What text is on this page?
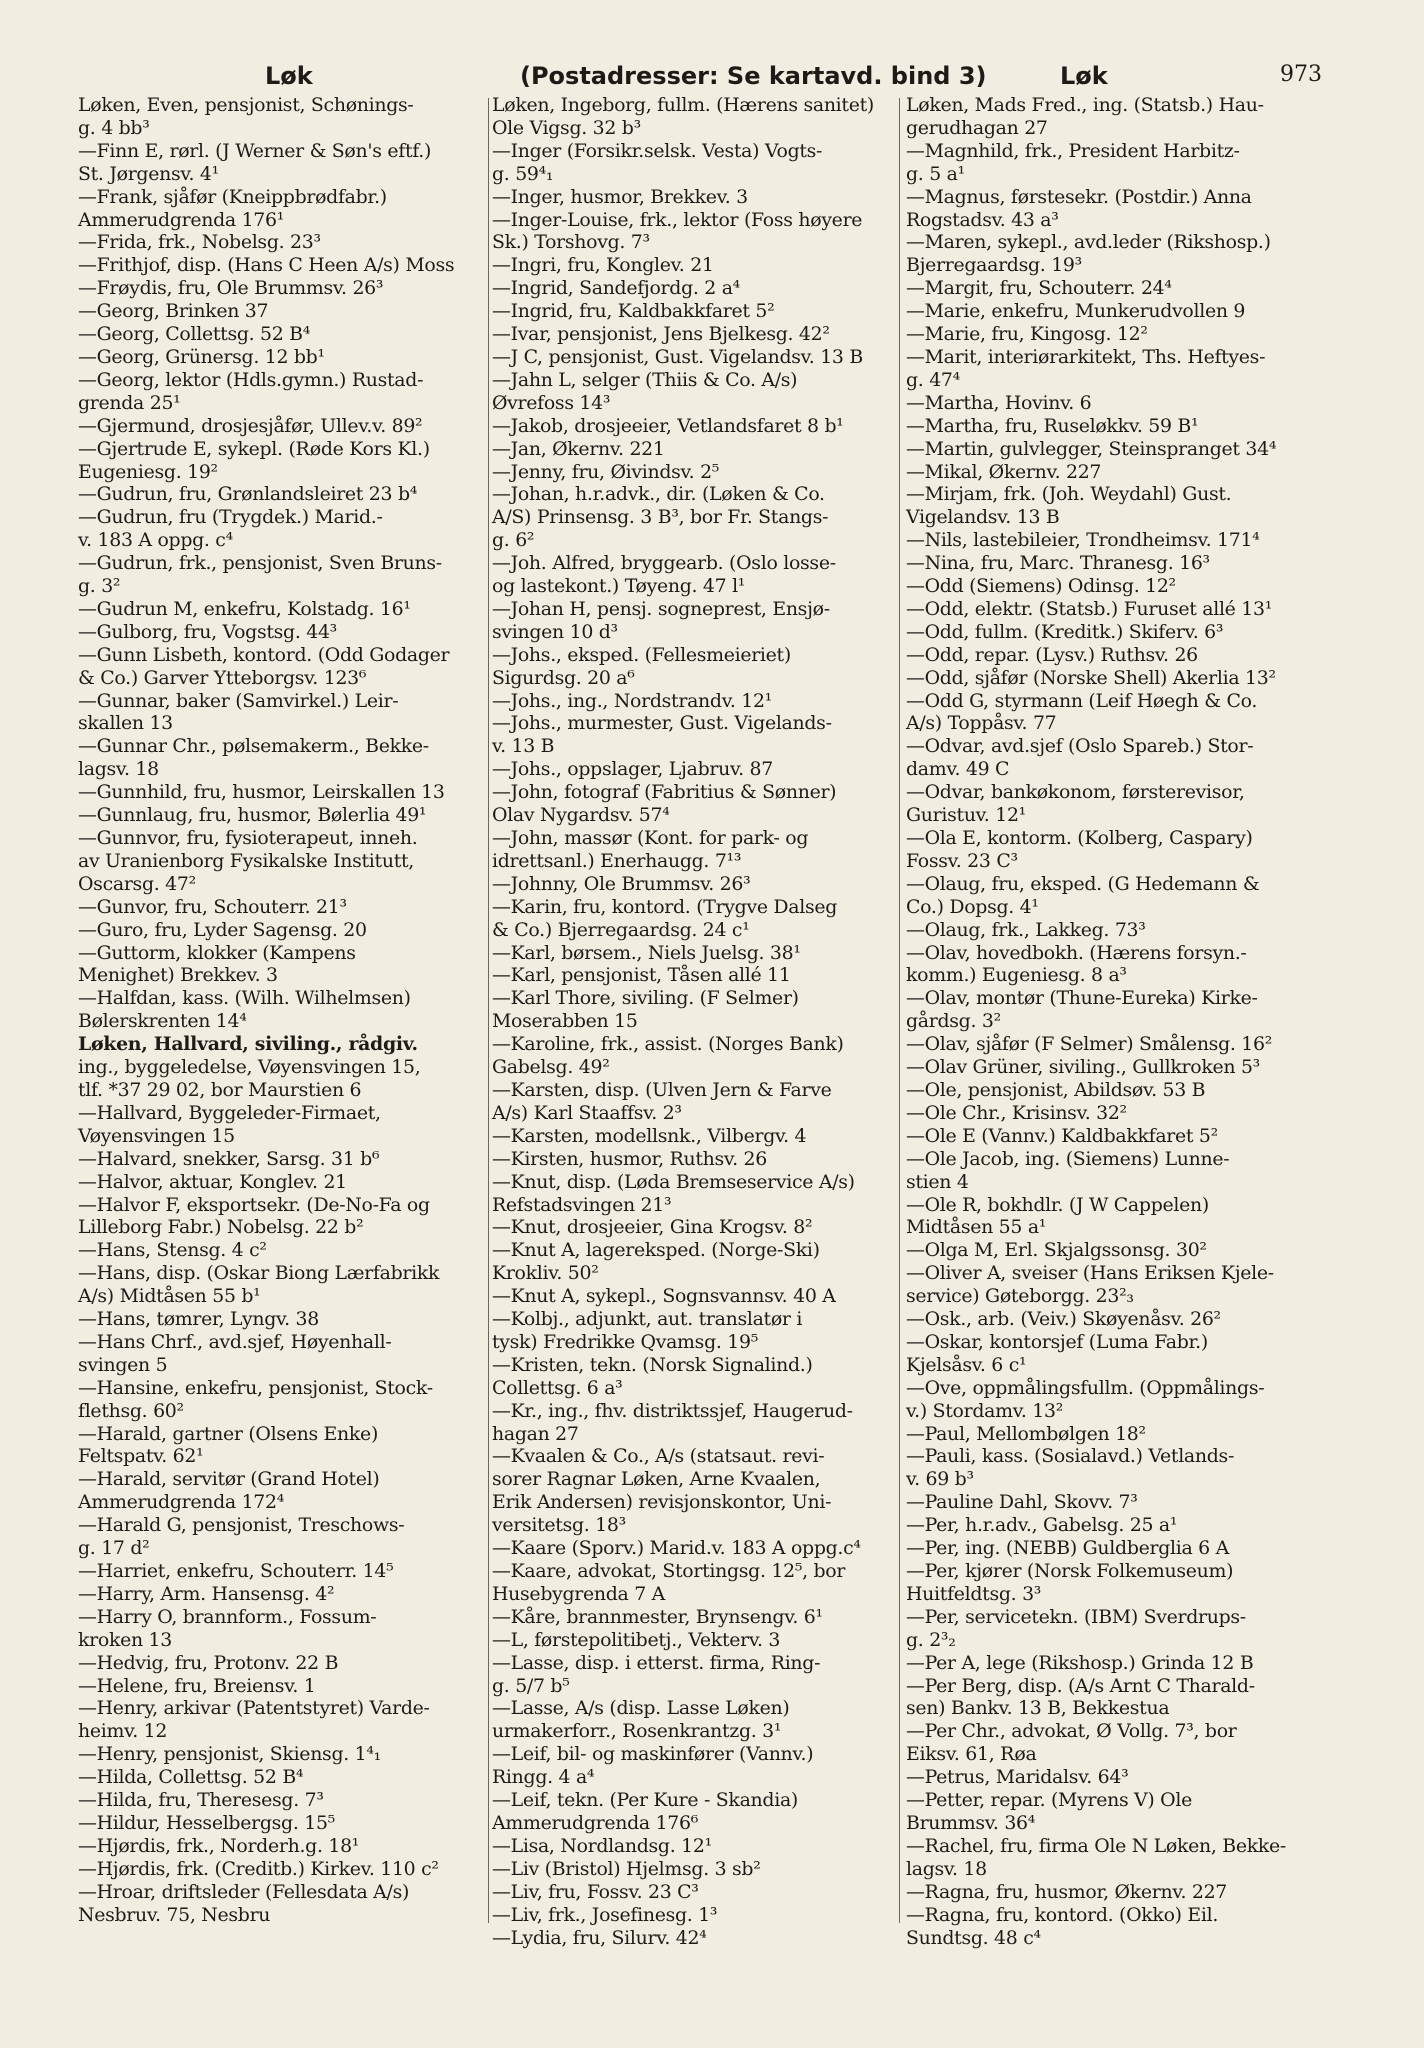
Løk	(Postadresser: Se kartavd. bind 3)	Løk	973
Løken, Even, pensjonist, Schønings-
g. 4 bb³
—Finn E, rørl. (J Werner & Søn's eftf.)
St. Jørgensv. 4¹
—Frank, sjåfør (Kneippbrødfabr.)
Ammerudgrenda 176¹
—Frida, frk., Nobelsg. 23³
—Frithjof, disp. (Hans C Heen A/s) Moss
—Frøydis, fru, Ole Brummsv. 26³
—Georg, Brinken 37
—Georg, Collettsg. 52 B⁴
—Georg, Grünersg. 12 bb¹
—Georg, lektor (Hdls.gymn.) Rustad-
grenda 25¹
—Gjermund, drosjesjåfør, Ullev.v. 89²
—Gjertrude E, sykepl. (Røde Kors Kl.)
Eugeniesg. 19²
—Gudrun, fru, Grønlandsleiret 23 b⁴
—Gudrun, fru (Trygdek.) Marid.-
v. 183 A oppg. c⁴
—Gudrun, frk., pensjonist, Sven Bruns-
g. 3²
—Gudrun M, enkefru, Kolstadg. 16¹
—Gulborg, fru, Vogstsg. 44³
—Gunn Lisbeth, kontord. (Odd Godager
& Co.) Garver Ytteborgsv. 123⁶
—Gunnar, baker (Samvirkel.) Leir-
skallen 13
—Gunnar Chr., pølsemakerm., Bekke-
lagsv. 18
—Gunnhild, fru, husmor, Leirskallen 13
—Gunnlaug, fru, husmor, Bølerlia 49¹
—Gunnvor, fru, fysioterapeut, inneh.
av Uranienborg Fysikalske Institutt,
Oscarsg. 47²
—Gunvor, fru, Schouterr. 21³
—Guro, fru, Lyder Sagensg. 20
—Guttorm, klokker (Kampens
Menighet) Brekkev. 3
—Halfdan, kass. (Wilh. Wilhelmsen)
Bølerskrenten 14⁴
Løken, Hallvard, siviling., rådgiv.
ing., byggeledelse, Vøyensvingen 15,
tlf. *37 29 02, bor Maurstien 6
—Hallvard, Byggeleder-Firmaet,
Vøyensvingen 15
—Halvard, snekker, Sarsg. 31 b⁶
—Halvor, aktuar, Konglev. 21
—Halvor F, eksportsekr. (De-No-Fa og
Lilleborg Fabr.) Nobelsg. 22 b²
—Hans, Stensg. 4 c²
—Hans, disp. (Oskar Biong Lærfabrikk
A/s) Midtåsen 55 b¹
—Hans, tømrer, Lyngv. 38
—Hans Chrf., avd.sjef, Høyenhall-
svingen 5
—Hansine, enkefru, pensjonist, Stock-
flethsg. 60²
—Harald, gartner (Olsens Enke)
Feltspatv. 62¹
—Harald, servitør (Grand Hotel)
Ammerudgrenda 172⁴
—Harald G, pensjonist, Treschows-
g. 17 d²
—Harriet, enkefru, Schouterr. 14⁵
—Harry, Arm. Hansensg. 4²
—Harry O, brannform., Fossum-
kroken 13
—Hedvig, fru, Protonv. 22 B
—Helene, fru, Breiensv. 1
—Henry, arkivar (Patentstyret) Varde-
heimv. 12
—Henry, pensjonist, Skiensg. 1⁴₁
—Hilda, Collettsg. 52 B⁴
—Hilda, fru, Theresesg. 7³
—Hildur, Hesselbergsg. 15⁵
—Hjørdis, frk., Norderh.g. 18¹
—Hjørdis, frk. (Creditb.) Kirkev. 110 c²
—Hroar, driftsleder (Fellesdata A/s)
Nesbruv. 75, Nesbru
Løken, Ingeborg, fullm. (Hærens sanitet)
Ole Vigsg. 32 b³
—Inger (Forsikr.selsk. Vesta) Vogts-
g. 59⁴₁
—Inger, husmor, Brekkev. 3
—Inger-Louise, frk., lektor (Foss høyere
Sk.) Torshovg. 7³
—Ingri, fru, Konglev. 21
—Ingrid, Sandefjordg. 2 a⁴
—Ingrid, fru, Kaldbakkfaret 5²
—Ivar, pensjonist, Jens Bjelkesg. 42²
—J C, pensjonist, Gust. Vigelandsv. 13 B
—Jahn L, selger (Thiis & Co. A/s)
Øvrefoss 14³
—Jakob, drosjeeier, Vetlandsfaret 8 b¹
—Jan, Økernv. 221
—Jenny, fru, Øivindsv. 2⁵
—Johan, h.r.advk., dir. (Løken & Co.
A/S) Prinsensg. 3 B³, bor Fr. Stangs-
g. 6²
—Joh. Alfred, bryggearb. (Oslo losse-
og lastekont.) Tøyeng. 47 l¹
—Johan H, pensj. sogneprest, Ensjø-
svingen 10 d³
—Johs., eksped. (Fellesmeieriet)
Sigurdsg. 20 a⁶
—Johs., ing., Nordstrandv. 12¹
—Johs., murmester, Gust. Vigelands-
v. 13 B
—Johs., oppslager, Ljabruv. 87
—John, fotograf (Fabritius & Sønner)
Olav Nygardsv. 57⁴
—John, massør (Kont. for park- og
idrettsanl.) Enerhaugg. 7¹³
—Johnny, Ole Brummsv. 26³
—Karin, fru, kontord. (Trygve Dalseg
& Co.) Bjerregaardsg. 24 c¹
—Karl, børsem., Niels Juelsg. 38¹
—Karl, pensjonist, Tåsen allé 11
—Karl Thore, siviling. (F Selmer)
Moserabben 15
—Karoline, frk., assist. (Norges Bank)
Gabelsg. 49²
—Karsten, disp. (Ulven Jern & Farve
A/s) Karl Staaffsv. 2³
—Karsten, modellsnk., Vilbergv. 4
—Kirsten, husmor, Ruthsv. 26
—Knut, disp. (Løda Bremseservice A/s)
Refstadsvingen 21³
—Knut, drosjeeier, Gina Krogsv. 8²
—Knut A, lagereksped. (Norge-Ski)
Krokliv. 50²
—Knut A, sykepl., Sognsvannsv. 40 A
—Kolbj., adjunkt, aut. translatør i
tysk) Fredrikke Qvamsg. 19⁵
—Kristen, tekn. (Norsk Signalind.)
Collettsg. 6 a³
—Kr., ing., fhv. distriktssjef, Haugerud-
hagan 27
—Kvaalen & Co., A/s (statsaut. revi-
sorer Ragnar Løken, Arne Kvaalen,
Erik Andersen) revisjonskontor, Uni-
versitetsg. 18³
—Kaare (Sporv.) Marid.v. 183 A oppg.c⁴
—Kaare, advokat, Stortingsg. 12⁵, bor
Husebygrenda 7 A
—Kåre, brannmester, Brynsengv. 6¹
—L, førstepolitibetj., Vekterv. 3
—Lasse, disp. i etterst. firma, Ring-
g. 5/7 b⁵
—Lasse, A/s (disp. Lasse Løken)
urmakerforr., Rosenkrantzg. 3¹
—Leif, bil- og maskinfører (Vannv.)
Ringg. 4 a⁴
—Leif, tekn. (Per Kure - Skandia)
Ammerudgrenda 176⁶
—Lisa, Nordlandsg. 12¹
—Liv (Bristol) Hjelmsg. 3 sb²
—Liv, fru, Fossv. 23 C³
—Liv, frk., Josefinesg. 1³
—Lydia, fru, Silurv. 42⁴
Løken, Mads Fred., ing. (Statsb.) Hau-
gerudhagan 27
—Magnhild, frk., President Harbitz-
g. 5 a¹
—Magnus, førstesekr. (Postdir.) Anna
Rogstadsv. 43 a³
—Maren, sykepl., avd.leder (Rikshosp.)
Bjerregaardsg. 19³
—Margit, fru, Schouterr. 24⁴
—Marie, enkefru, Munkerudvollen 9
—Marie, fru, Kingosg. 12²
—Marit, interiørarkitekt, Ths. Heftyes-
g. 47⁴
—Martha, Hovinv. 6
—Martha, fru, Ruseløkkv. 59 B¹
—Martin, gulvlegger, Steinspranget 34⁴
—Mikal, Økernv. 227
—Mirjam, frk. (Joh. Weydahl) Gust.
Vigelandsv. 13 B
—Nils, lastebileier, Trondheimsv. 171⁴
—Nina, fru, Marc. Thranesg. 16³
—Odd (Siemens) Odinsg. 12²
—Odd, elektr. (Statsb.) Furuset allé 13¹
—Odd, fullm. (Kreditk.) Skiferv. 6³
—Odd, repar. (Lysv.) Ruthsv. 26
—Odd, sjåfør (Norske Shell) Akerlia 13²
—Odd G, styrmann (Leif Høegh & Co.
A/s) Toppåsv. 77
—Odvar, avd.sjef (Oslo Spareb.) Stor-
damv. 49 C
—Odvar, bankøkonom, førsterevisor,
Guristuv. 12¹
—Ola E, kontorm. (Kolberg, Caspary)
Fossv. 23 C³
—Olaug, fru, eksped. (G Hedemann &
Co.) Dopsg. 4¹
—Olaug, frk., Lakkeg. 73³
—Olav, hovedbokh. (Hærens forsyn.-
komm.) Eugeniesg. 8 a³
—Olav, montør (Thune-Eureka) Kirke-
gårdsg. 3²
—Olav, sjåfør (F Selmer) Smålensg. 16²
—Olav Grüner, siviling., Gullkroken 5³
—Ole, pensjonist, Abildsøv. 53 B
—Ole Chr., Krisinsv. 32²
—Ole E (Vannv.) Kaldbakkfaret 5²
—Ole Jacob, ing. (Siemens) Lunne-
stien 4
—Ole R, bokhdlr. (J W Cappelen)
Midtåsen 55 a¹
—Olga M, Erl. Skjalgssonsg. 30²
—Oliver A, sveiser (Hans Eriksen Kjele-
service) Gøteborgg. 23²₃
—Osk., arb. (Veiv.) Skøyenåsv. 26²
—Oskar, kontorsjef (Luma Fabr.)
Kjelsåsv. 6 c¹
—Ove, oppmålingsfullm. (Oppmålings-
v.) Stordamv. 13²
—Paul, Mellombølgen 18²
—Pauli, kass. (Sosialavd.) Vetlands-
v. 69 b³
—Pauline Dahl, Skovv. 7³
—Per, h.r.adv., Gabelsg. 25 a¹
—Per, ing. (NEBB) Guldberglia 6 A
—Per, kjører (Norsk Folkemuseum)
Huitfeldtsg. 3³
—Per, servicetekn. (IBM) Sverdrups-
g. 2³₂
—Per A, lege (Rikshosp.) Grinda 12 B
—Per Berg, disp. (A/s Arnt C Tharald-
sen) Bankv. 13 B, Bekkestua
—Per Chr., advokat, Ø Vollg. 7³, bor
Eiksv. 61, Røa
—Petrus, Maridalsv. 64³
—Petter, repar. (Myrens V) Ole
Brummsv. 36⁴
—Rachel, fru, firma Ole N Løken, Bekke-
lagsv. 18
—Ragna, fru, husmor, Økernv. 227
—Ragna, fru, kontord. (Okko) Eil.
Sundtsg. 48 c⁴
